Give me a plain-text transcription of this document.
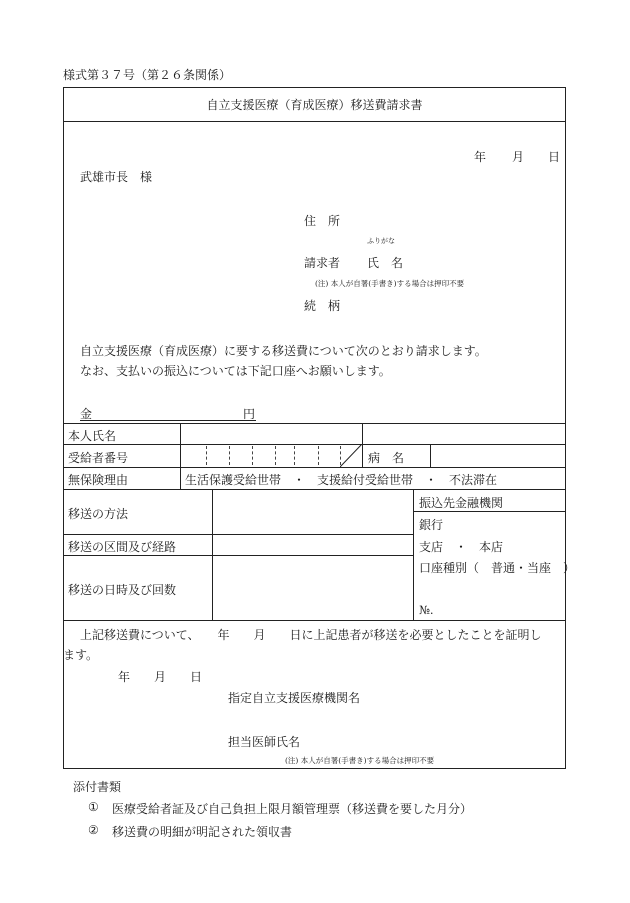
様式第３７号（第２６条関係）
自立支援医療（育成医療）移送費請求書
年 月 日
武雄市長　様
住　所
ふりがな
請求者 氏　名
(注) 本人が自署(手書き)する場合は押印不要
続　柄
自立支援医療（育成医療）に要する移送費について次のとおり請求します。
なお、支払いの振込については下記口座へお願いします。
金	円
本人氏名
受給者番号	病　名
無保険理由	生活保護受給世帯　・　支援給付受給世帯　・　不法滞在
移送の方法
移送の区間及び経路
移送の日時及び回数
振込先金融機関
銀行
支店　・　本店
口座種別（　普通・当座　）
№.
上記移送費について、　　年　　月　　日に上記患者が移送を必要としたことを証明し
ます。
年　　月　　日
指定自立支援医療機関名
担当医師氏名
(注) 本人が自署(手書き)する場合は押印不要
添付書類
① 医療受給者証及び自己負担上限月額管理票（移送費を要した月分）
② 移送費の明細が明記された領収書
